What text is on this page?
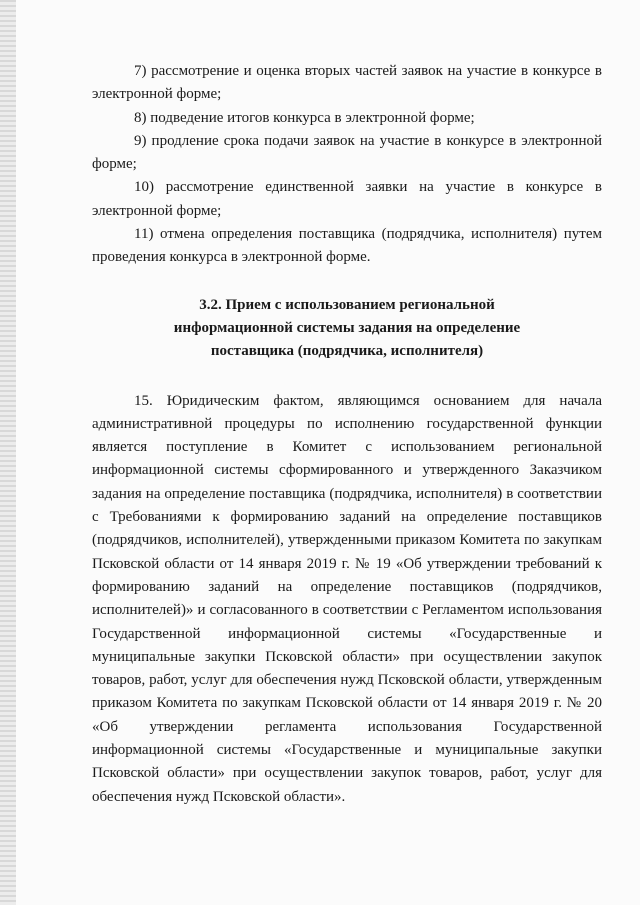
7) рассмотрение и оценка вторых частей заявок на участие в конкурсе в электронной форме;

8) подведение итогов конкурса в электронной форме;

9) продление срока подачи заявок на участие в конкурсе в электронной форме;

10) рассмотрение единственной заявки на участие в конкурсе в электронной форме;

11) отмена определения поставщика (подрядчика, исполнителя) путем проведения конкурса в электронной форме.

3.2. Прием с использованием региональной
информационной системы задания на определение
поставщика (подрядчика, исполнителя)

15. Юридическим фактом, являющимся основанием для начала административной процедуры по исполнению государственной функции является поступление в Комитет с использованием региональной информационной системы сформированного и утвержденного Заказчиком задания на определение поставщика (подрядчика, исполнителя) в соответствии с Требованиями к формированию заданий на определение поставщиков (подрядчиков, исполнителей), утвержденными приказом Комитета по закупкам Псковской области от 14 января 2019 г. № 19 «Об утверждении требований к формированию заданий на определение поставщиков (подрядчиков, исполнителей)» и согласованного в соответствии с Регламентом использования Государственной информационной системы «Государственные и муниципальные закупки Псковской области» при осуществлении закупок товаров, работ, услуг для обеспечения нужд Псковской области, утвержденным приказом Комитета по закупкам Псковской области от 14 января 2019 г. № 20 «Об утверждении регламента использования Государственной информационной системы «Государственные и муниципальные закупки Псковской области» при осуществлении закупок товаров, работ, услуг для обеспечения нужд Псковской области».
